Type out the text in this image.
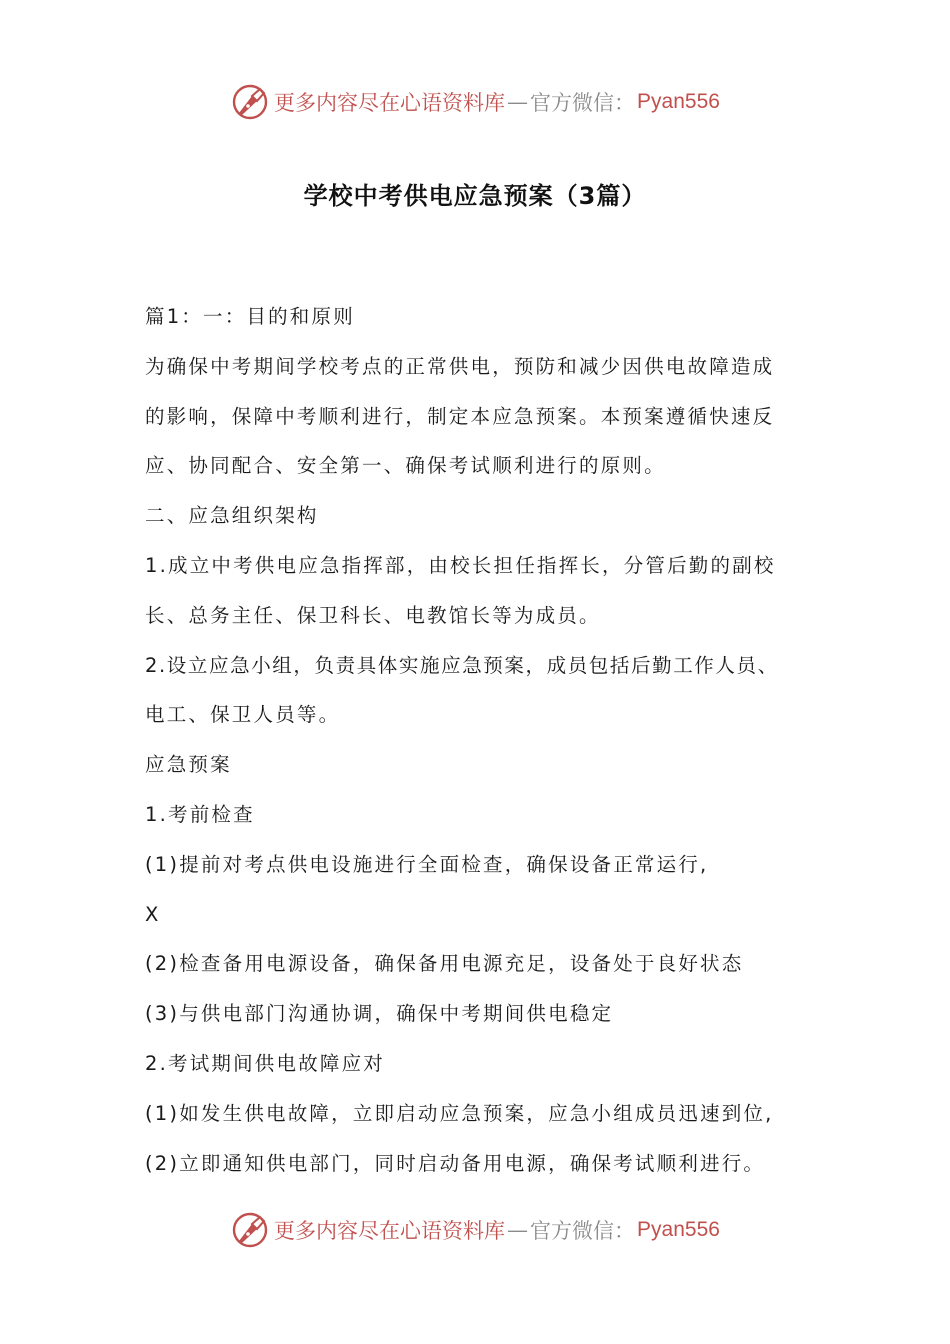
更多内容尽在心语资料库 — 官方微信： Pyan556
学校中考供电应急预案（3篇）
篇1：一：目的和原则
为确保中考期间学校考点的正常供电，预防和减少因供电故障造成
的影响，保障中考顺利进行，制定本应急预案。本预案遵循快速反
应、协同配合、安全第一、确保考试顺利进行的原则。
二、应急组织架构
1.成立中考供电应急指挥部，由校长担任指挥长，分管后勤的副校
长、总务主任、保卫科长、电教馆长等为成员。
2.设立应急小组，负责具体实施应急预案，成员包括后勤工作人员、
电工、保卫人员等。
应急预案
1.考前检查
(1)提前对考点供电设施进行全面检查，确保设备正常运行,
X
(2)检查备用电源设备，确保备用电源充足，设备处于良好状态
(3)与供电部门沟通协调，确保中考期间供电稳定
2.考试期间供电故障应对
(1)如发生供电故障，立即启动应急预案，应急小组成员迅速到位,
(2)立即通知供电部门，同时启动备用电源，确保考试顺利进行。
更多内容尽在心语资料库 — 官方微信： Pyan556
